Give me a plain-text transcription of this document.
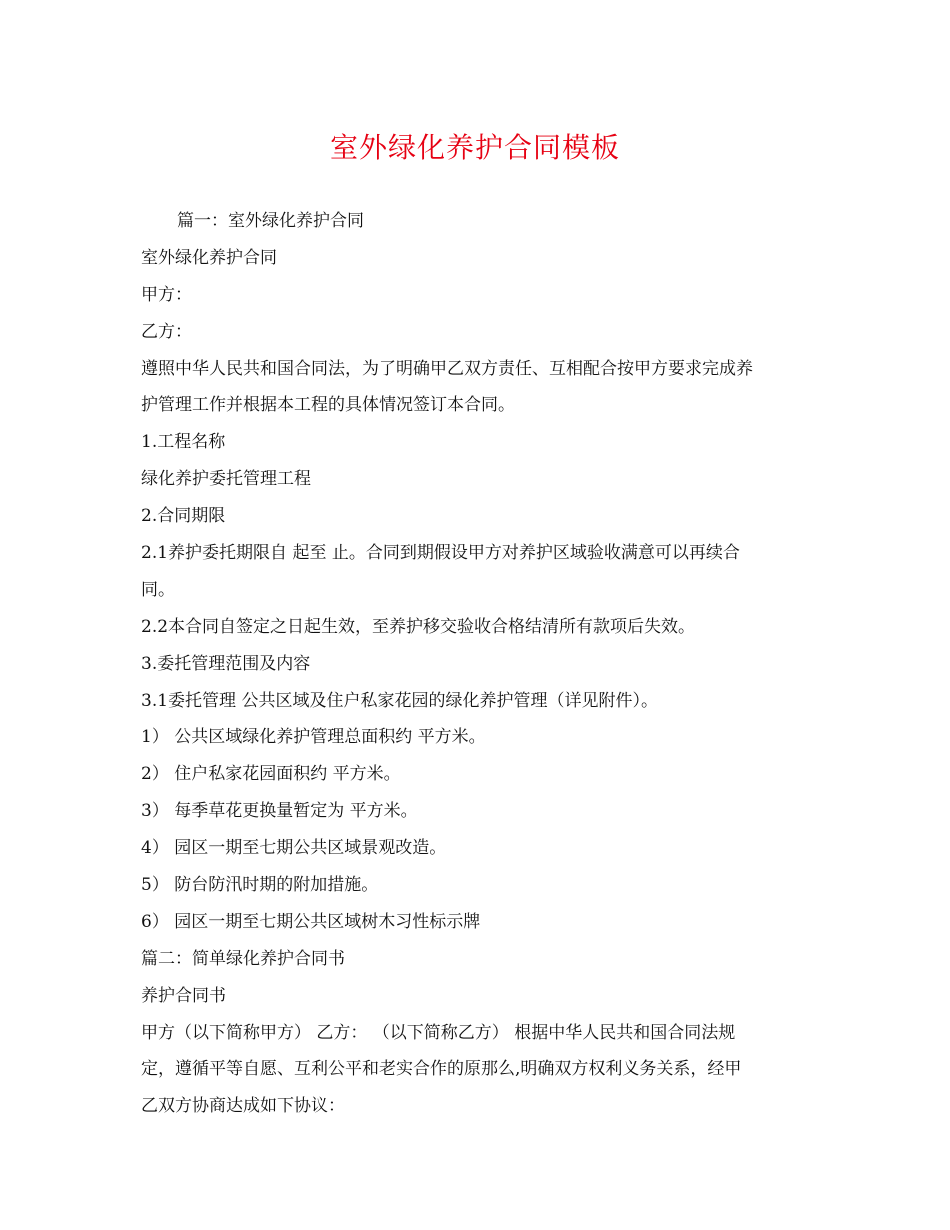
室外绿化养护合同模板
篇一：室外绿化养护合同
室外绿化养护合同
甲方：
乙方：
遵照中华人民共和国合同法，为了明确甲乙双方责任、互相配合按甲方要求完成养
护管理工作并根据本工程的具体情况签订本合同。
1.工程名称
绿化养护委托管理工程
2.合同期限
2.1养护委托期限自 起至 止。合同到期假设甲方对养护区域验收满意可以再续合
同。
2.2本合同自签定之日起生效，至养护移交验收合格结清所有款项后失效。
3.委托管理范围及内容
3.1委托管理 公共区域及住户私家花园的绿化养护管理（详见附件）。
1） 公共区域绿化养护管理总面积约 平方米。
2） 住户私家花园面积约 平方米。
3） 每季草花更换量暂定为 平方米。
4） 园区一期至七期公共区域景观改造。
5） 防台防汛时期的附加措施。
6） 园区一期至七期公共区域树木习性标示牌
篇二：简单绿化养护合同书
养护合同书
甲方（以下简称甲方） 乙方： （以下简称乙方） 根据中华人民共和国合同法规
定，遵循平等自愿、互利公平和老实合作的原那么,明确双方权利义务关系，经甲
乙双方协商达成如下协议：
